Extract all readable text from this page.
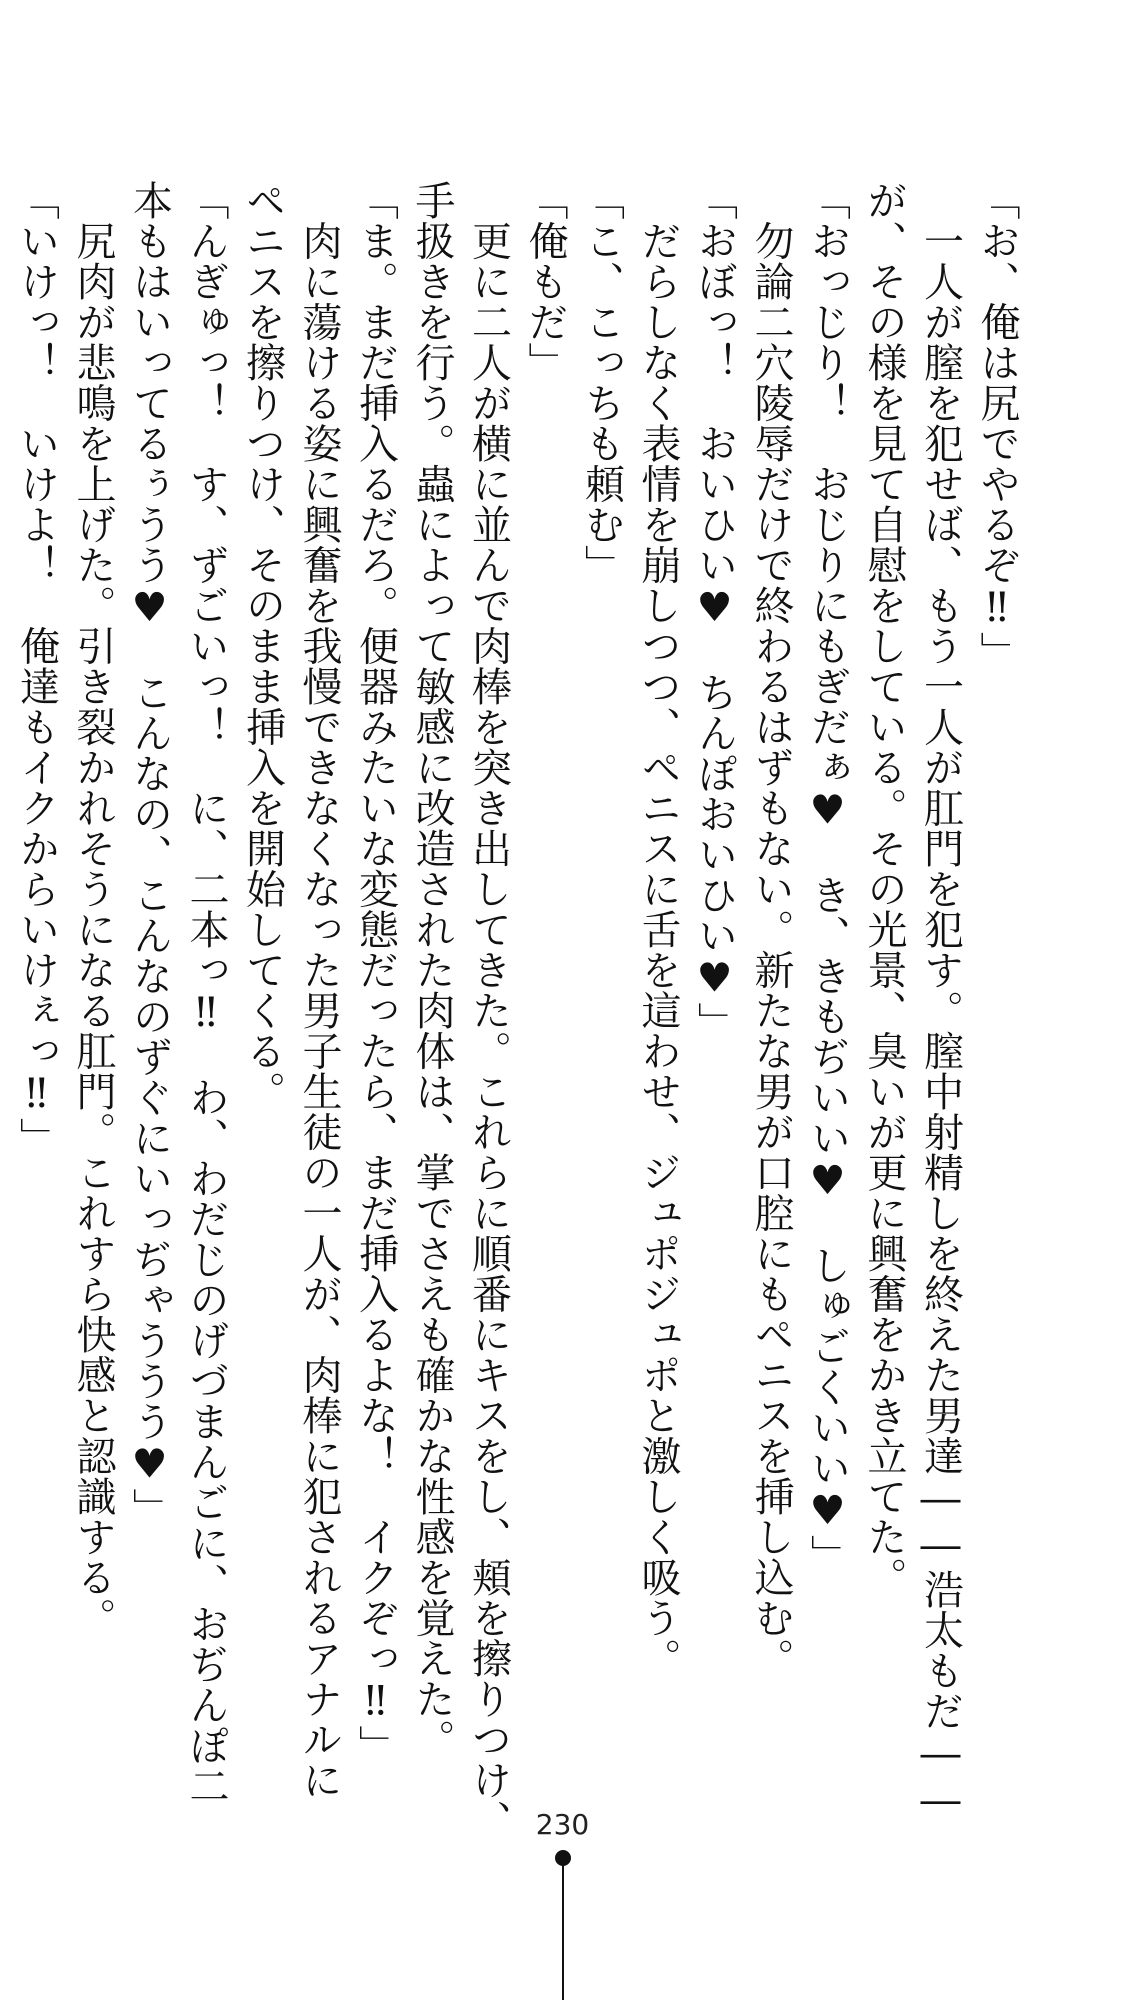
「お、俺は尻でやるぞ‼」
　一人が膣を犯せば、もう一人が肛門を犯す。膣中射精しを終えた男達――浩太もだ――
が、その様を見て自慰をしている。その光景、臭いが更に興奮をかき立てた。
「おっじり！　おじりにもぎだぁ♥　き、きもぢいい♥　しゅごくいい♥」
　勿論二穴陵辱だけで終わるはずもない。新たな男が口腔にもペニスを挿し込む。
「おぼっ！　おいひい♥　ちんぽおいひい♥」
　だらしなく表情を崩しつつ、ペニスに舌を這わせ、ジュポジュポと激しく吸う。
「こ、こっちも頼む」
「俺もだ」
　更に二人が横に並んで肉棒を突き出してきた。これらに順番にキスをし、頬を擦りつけ、
手扱きを行う。蟲によって敏感に改造された肉体は、掌でさえも確かな性感を覚えた。
「ま。まだ挿入るだろ。便器みたいな変態だったら、まだ挿入るよな！　イクぞっ‼」
　肉に蕩ける姿に興奮を我慢できなくなった男子生徒の一人が、肉棒に犯されるアナルに
ペニスを擦りつけ、そのまま挿入を開始してくる。
「んぎゅっ！　す、ずごいっ！　に、二本っ‼　わ、わだじのげづまんごに、おぢんぽ二
本もはいってるぅうう♥　こんなの、こんなのずぐにいっぢゃううう♥」
　尻肉が悲鳴を上げた。引き裂かれそうになる肛門。これすら快感と認識する。
「いけっ！　いけよ！　俺達もイクからいけぇっ‼」
230
